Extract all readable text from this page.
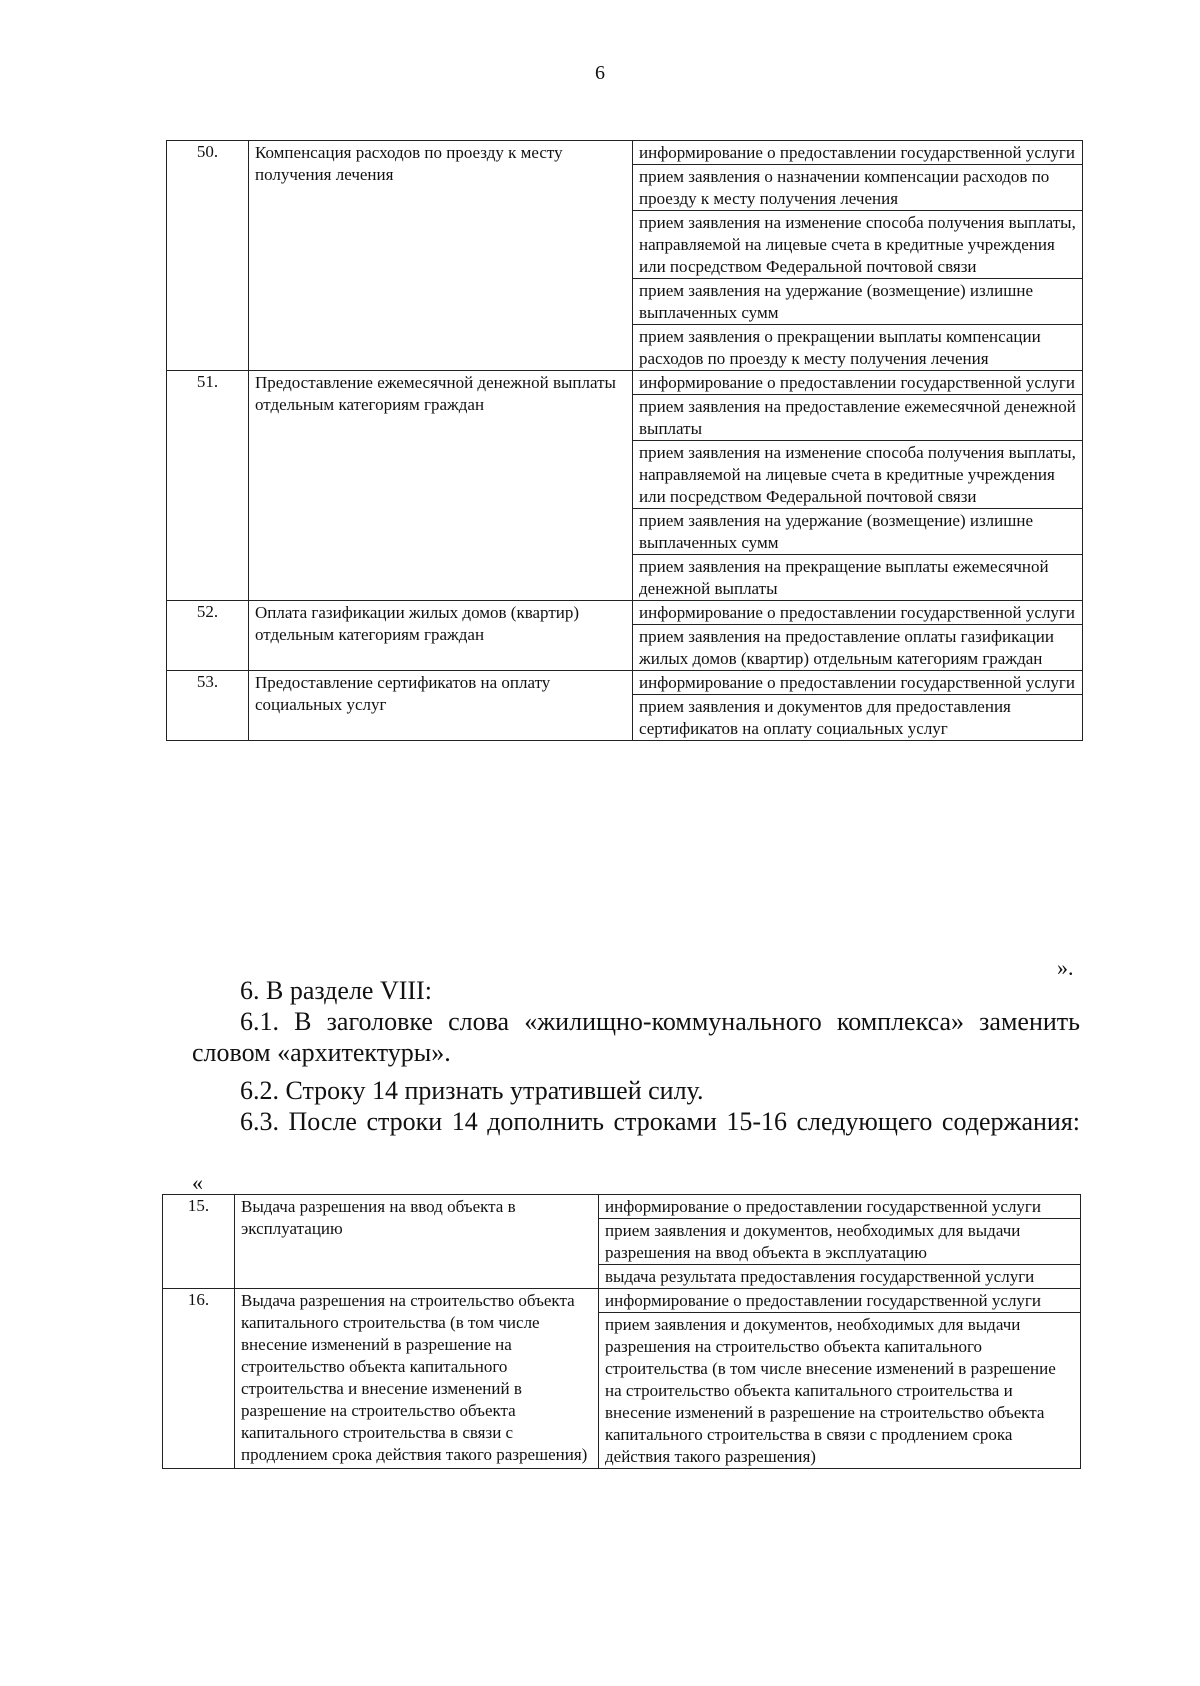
6
50.	Компенсация расходов по проезду к месту получения лечения	информирование о предоставлении государственной услуги
		прием заявления о назначении компенсации расходов по проезду к месту получения лечения
		прием заявления на изменение способа получения выплаты, направляемой на лицевые счета в кредитные учреждения или посредством Федеральной почтовой связи
		прием заявления на удержание (возмещение) излишне выплаченных сумм
		прием заявления о прекращении выплаты компенсации расходов по проезду к месту получения лечения
51.	Предоставление ежемесячной денежной выплаты отдельным категориям граждан	информирование о предоставлении государственной услуги
		прием заявления на предоставление ежемесячной денежной выплаты
		прием заявления на изменение способа получения выплаты, направляемой на лицевые счета в кредитные учреждения или посредством Федеральной почтовой связи
		прием заявления на удержание (возмещение) излишне выплаченных сумм
		прием заявления на прекращение выплаты ежемесячной денежной выплаты
52.	Оплата газификации жилых домов (квартир) отдельным категориям граждан	информирование о предоставлении государственной услуги
		прием заявления на предоставление оплаты газификации жилых домов (квартир) отдельным категориям граждан
53.	Предоставление сертификатов на оплату социальных услуг	информирование о предоставлении государственной услуги
		прием заявления и документов для предоставления сертификатов на оплату социальных услуг
».

6. В разделе VIII:

6.1. В заголовке слова «жилищно-коммунального комплекса» заменить
словом «архитектуры».

6.2. Строку 14 признать утратившей силу.

6.3. После строки 14 дополнить строками 15-16 следующего содержания:
«
15.	Выдача разрешения на ввод объекта в эксплуатацию	информирование о предоставлении государственной услуги
		прием заявления и документов, необходимых для выдачи разрешения на ввод объекта в эксплуатацию
		выдача результата предоставления государственной услуги
16.	Выдача разрешения на строительство объекта капитального строительства (в том числе внесение изменений в разрешение на строительство объекта капитального строительства и внесение изменений в разрешение на строительство объекта капитального строительства в связи с продлением срока действия такого разрешения)	информирование о предоставлении государственной услуги
		прием заявления и документов, необходимых для выдачи разрешения на строительство объекта капитального строительства (в том числе внесение изменений в разрешение на строительство объекта капитального строительства и внесение изменений в разрешение на строительство объекта капитального строительства в связи с продлением срока действия такого разрешения)
